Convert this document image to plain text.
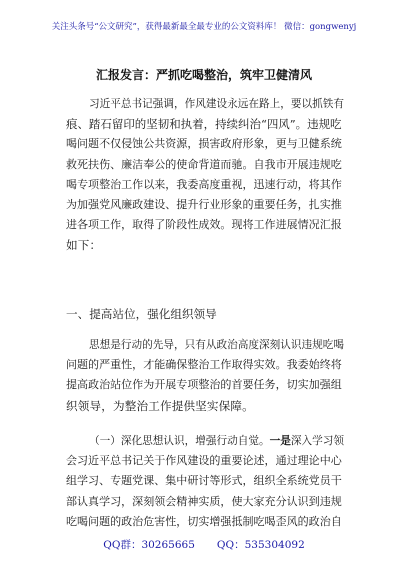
关注头条号“公文研究”，获得最新最全最专业的公文资料库！ 微信：gongwenyj
汇报发言：严抓吃喝整治，筑牢卫健清风
习近平总书记强调，作风建设永远在路上，要以抓铁有
痕、踏石留印的坚韧和执着，持续纠治“四风”。违规吃
喝问题不仅侵蚀公共资源，损害政府形象，更与卫健系统
救死扶伤、廉洁奉公的使命背道而驰。自我市开展违规吃
喝专项整治工作以来，我委高度重视，迅速行动，将其作
为加强党风廉政建设、提升行业形象的重要任务，扎实推
进各项工作，取得了阶段性成效。现将工作进展情况汇报
如下：
一、提高站位，强化组织领导
思想是行动的先导，只有从政治高度深刻认识违规吃喝
问题的严重性，才能确保整治工作取得实效。我委始终将
提高政治站位作为开展专项整治的首要任务，切实加强组
织领导，为整治工作提供坚实保障。
（一）深化思想认识，增强行动自觉。一是深入学习领
会习近平总书记关于作风建设的重要论述，通过理论中心
组学习、专题党课、集中研讨等形式，组织全系统党员干
部认真学习，深刻领会精神实质，使大家充分认识到违规
吃喝问题的政治危害性，切实增强抵制吃喝歪风的政治自
QQ群：30265665 QQ：535304092
